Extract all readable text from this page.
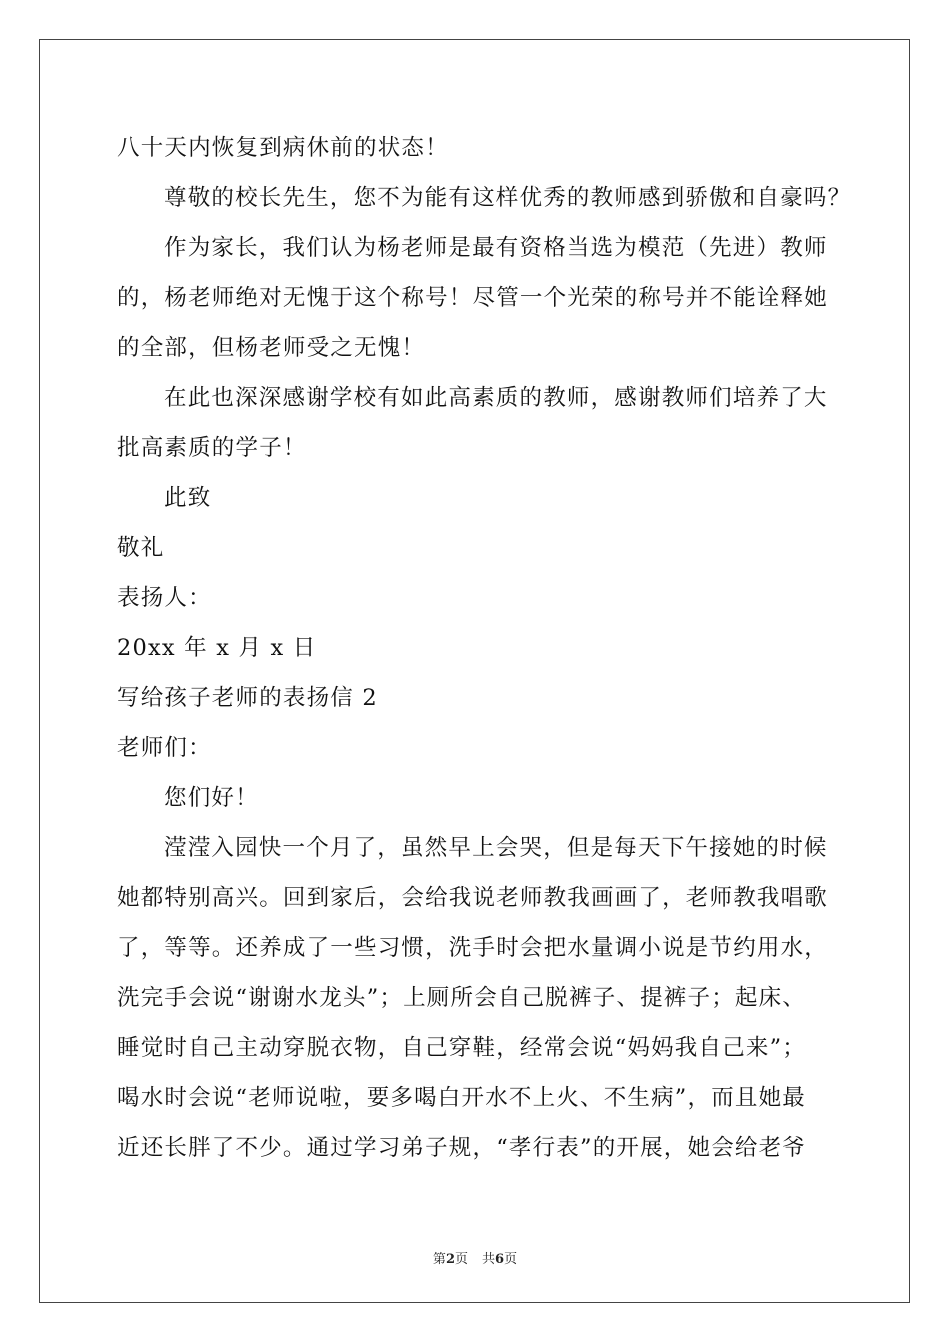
八十天内恢复到病休前的状态！
尊敬的校长先生，您不为能有这样优秀的教师感到骄傲和自豪吗？
作为家长，我们认为杨老师是最有资格当选为模范（先进）教师
的，杨老师绝对无愧于这个称号！尽管一个光荣的称号并不能诠释她
的全部，但杨老师受之无愧！
在此也深深感谢学校有如此高素质的教师，感谢教师们培养了大
批高素质的学子！
此致
敬礼
表扬人：
20xx 年 x 月 x 日
写给孩子老师的表扬信 2
老师们：
您们好！
滢滢入园快一个月了，虽然早上会哭，但是每天下午接她的时候
她都特别高兴。回到家后，会给我说老师教我画画了，老师教我唱歌
了，等等。还养成了一些习惯，洗手时会把水量调小说是节约用水，
洗完手会说“谢谢水龙头”；上厕所会自己脱裤子、提裤子；起床、
睡觉时自己主动穿脱衣物，自己穿鞋，经常会说“妈妈我自己来”；
喝水时会说“老师说啦，要多喝白开水不上火、不生病”，而且她最
近还长胖了不少。通过学习弟子规，“孝行表”的开展，她会给老爷
第2页 共6页
